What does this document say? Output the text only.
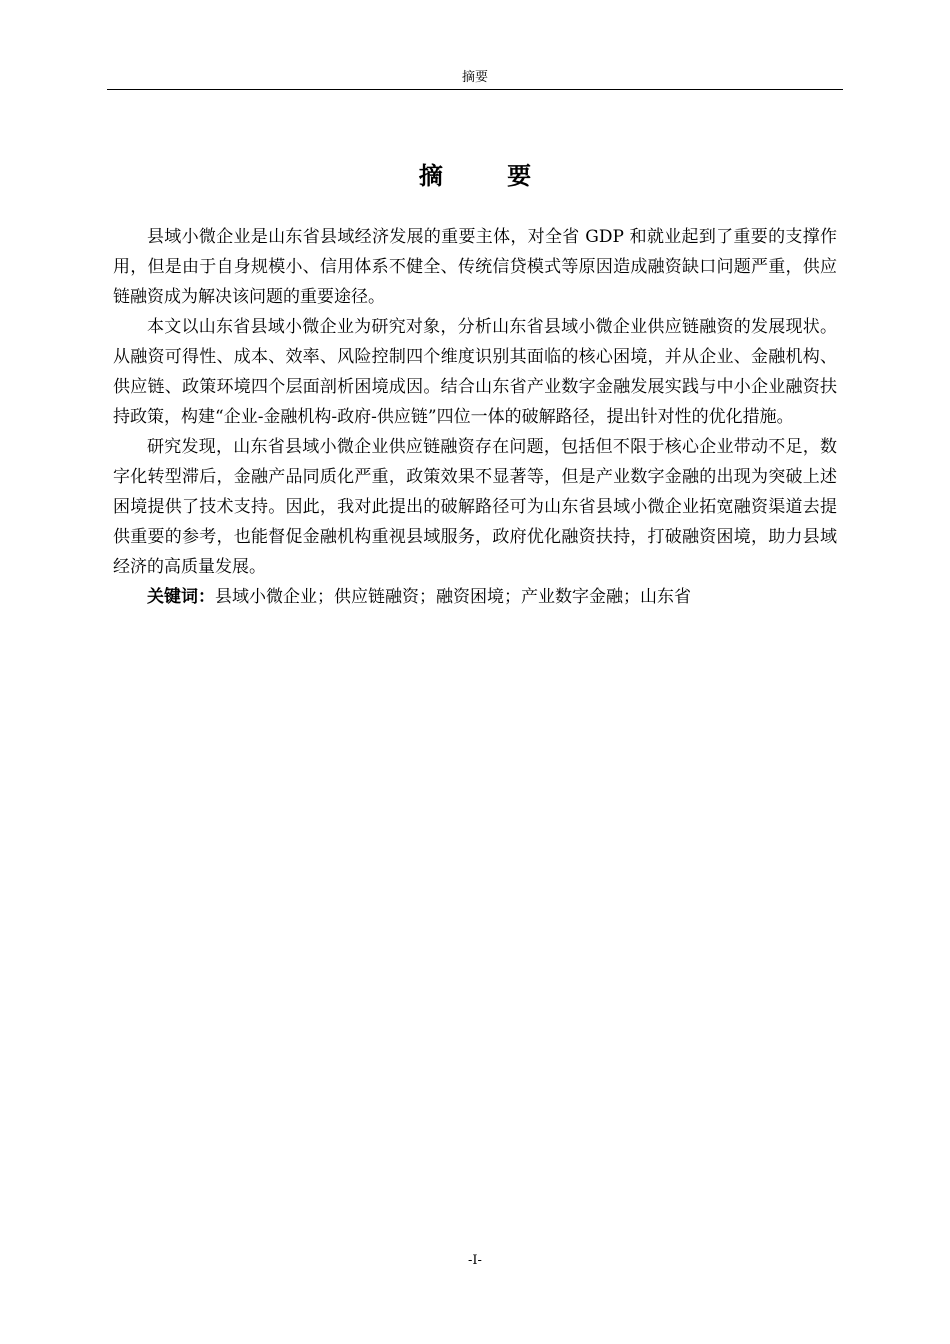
摘要
摘 要

县域小微企业是山东省县域经济发展的重要主体，对全省 GDP 和就业起到了重要的支撑作用，但是由于自身规模小、信用体系不健全、传统信贷模式等原因造成融资缺口问题严重，供应链融资成为解决该问题的重要途径。

本文以山东省县域小微企业为研究对象，分析山东省县域小微企业供应链融资的发展现状。从融资可得性、成本、效率、风险控制四个维度识别其面临的核心困境，并从企业、金融机构、供应链、政策环境四个层面剖析困境成因。结合山东省产业数字金融发展实践与中小企业融资扶持政策，构建“企业-金融机构-政府-供应链”四位一体的破解路径，提出针对性的优化措施。

研究发现，山东省县域小微企业供应链融资存在问题，包括但不限于核心企业带动不足，数字化转型滞后，金融产品同质化严重，政策效果不显著等，但是产业数字金融的出现为突破上述困境提供了技术支持。因此，我对此提出的破解路径可为山东省县域小微企业拓宽融资渠道去提供重要的参考，也能督促金融机构重视县域服务，政府优化融资扶持，打破融资困境，助力县域经济的高质量发展。

关键词：县域小微企业；供应链融资；融资困境；产业数字金融；山东省

-I-
